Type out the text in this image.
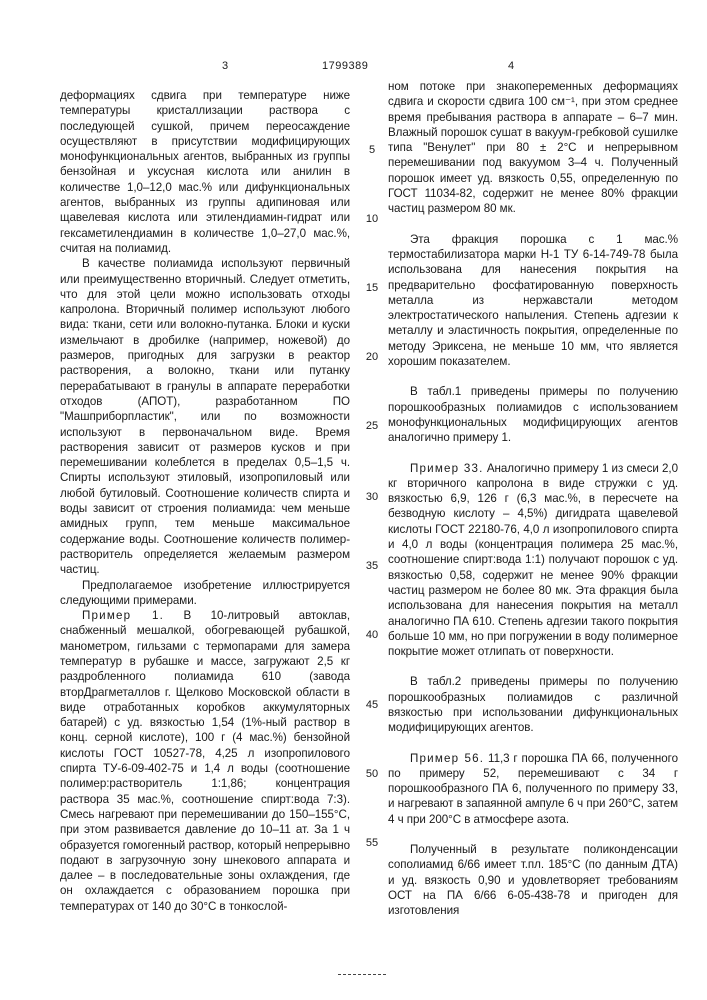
3	1799389	4

деформациях сдвига при температуре ниже температуры кристаллизации раствора с последующей сушкой, причем переосаждение осуществляют в присутствии модифицирующих монофункциональных агентов, выбранных из группы бензойная и уксусная кислота или анилин в количестве 1,0–12,0 мас.% или дифункциональных агентов, выбранных из группы адипиновая или щавелевая кислота или этилендиамин-гидрат или гексаметилендиамин в количестве 1,0–27,0 мас.%, считая на полиамид.

В качестве полиамида используют первичный или преимущественно вторичный. Следует отметить, что для этой цели можно использовать отходы капролона. Вторичный полимер используют любого вида: ткани, сети или волокно-путанка. Блоки и куски измельчают в дробилке (например, ножевой) до размеров, пригодных для загрузки в реактор растворения, а волокно, ткани или путанку перерабатывают в гранулы в аппарате переработки отходов (АПОТ), разработанном ПО "Машприборпластик", или по возможности используют в первоначальном виде. Время растворения зависит от размеров кусков и при перемешивании колеблется в пределах 0,5–1,5 ч. Спирты используют этиловый, изопропиловый или любой бутиловый. Соотношение количеств спирта и воды зависит от строения полиамида: чем меньше амидных групп, тем меньше максимальное содержание воды. Соотношение количеств полимер-растворитель определяется желаемым размером частиц.

Предполагаемое изобретение иллюстрируется следующими примерами.

Пример 1. В 10-литровый автоклав, снабженный мешалкой, обогревающей рубашкой, манометром, гильзами с термопарами для замера температур в рубашке и массе, загружают 2,5 кг раздробленного полиамида 610 (завода вторДрагметаллов г. Щелково Московской области в виде отработанных коробков аккумуляторных батарей) с уд. вязкостью 1,54 (1%-ный раствор в конц. серной кислоте), 100 г (4 мас.%) бензойной кислоты ГОСТ 10527-78, 4,25 л изопропилового спирта ТУ-6-09-402-75 и 1,4 л воды (соотношение полимер:растворитель 1:1,86; концентрация раствора 35 мас.%, соотношение спирт:вода 7:3). Смесь нагревают при перемешивании до 150–155°С, при этом развивается давление до 10–11 ат. За 1 ч образуется гомогенный раствор, который непрерывно подают в загрузочную зону шнекового аппарата и далее – в последовательные зоны охлаждения, где он охлаждается с образованием порошка при температурах от 140 до 30°С в тонкослой-

ном потоке при знакопеременных деформациях сдвига и скорости сдвига 100 см⁻¹, при этом среднее время пребывания раствора в аппарате – 6–7 мин. Влажный порошок сушат в вакуум-гребковой сушилке типа "Венулет" при 80 ± 2°С и непрерывном перемешивании под вакуумом 3–4 ч. Полученный порошок имеет уд. вязкость 0,55, определенную по ГОСТ 11034-82, содержит не менее 80% фракции частиц размером 80 мк.

Эта фракция порошка с 1 мас.% термостабилизатора марки Н-1 ТУ 6-14-749-78 была использована для нанесения покрытия на предварительно фосфатированную поверхность металла из нержавстали методом электростатического напыления. Степень адгезии к металлу и эластичность покрытия, определенные по методу Эриксена, не меньше 10 мм, что является хорошим показателем.

В табл.1 приведены примеры по получению порошкообразных полиамидов с использованием монофункциональных модифицирующих агентов аналогично примеру 1.

Пример 33. Аналогично примеру 1 из смеси 2,0 кг вторичного капролона в виде стружки с уд. вязкостью 6,9, 126 г (6,3 мас.%, в пересчете на безводную кислоту – 4,5%) дигидрата щавелевой кислоты ГОСТ 22180-76, 4,0 л изопропилового спирта и 4,0 л воды (концентрация полимера 25 мас.%, соотношение спирт:вода 1:1) получают порошок с уд. вязкостью 0,58, содержит не менее 90% фракции частиц размером не более 80 мк. Эта фракция была использована для нанесения покрытия на металл аналогично ПА 610. Степень адгезии такого покрытия больше 10 мм, но при погружении в воду полимерное покрытие может отлипать от поверхности.

В табл.2 приведены примеры по получению порошкообразных полиамидов с различной вязкостью при использовании дифункциональных модифицирующих агентов.

Пример 56. 11,3 г порошка ПА 66, полученного по примеру 52, перемешивают с 34 г порошкообразного ПА 6, полученного по примеру 33, и нагревают в запаянной ампуле 6 ч при 260°С, затем 4 ч при 200°С в атмосфере азота.

Полученный в результате поликонденсации сополиамид 6/66 имеет т.пл. 185°С (по данным ДТА) и уд. вязкость 0,90 и удовлетворяет требованиям ОСТ на ПА 6/66 6-05-438-78 и пригоден для изготовления

5
10
15
20
25
30
35
40
45
50
55
